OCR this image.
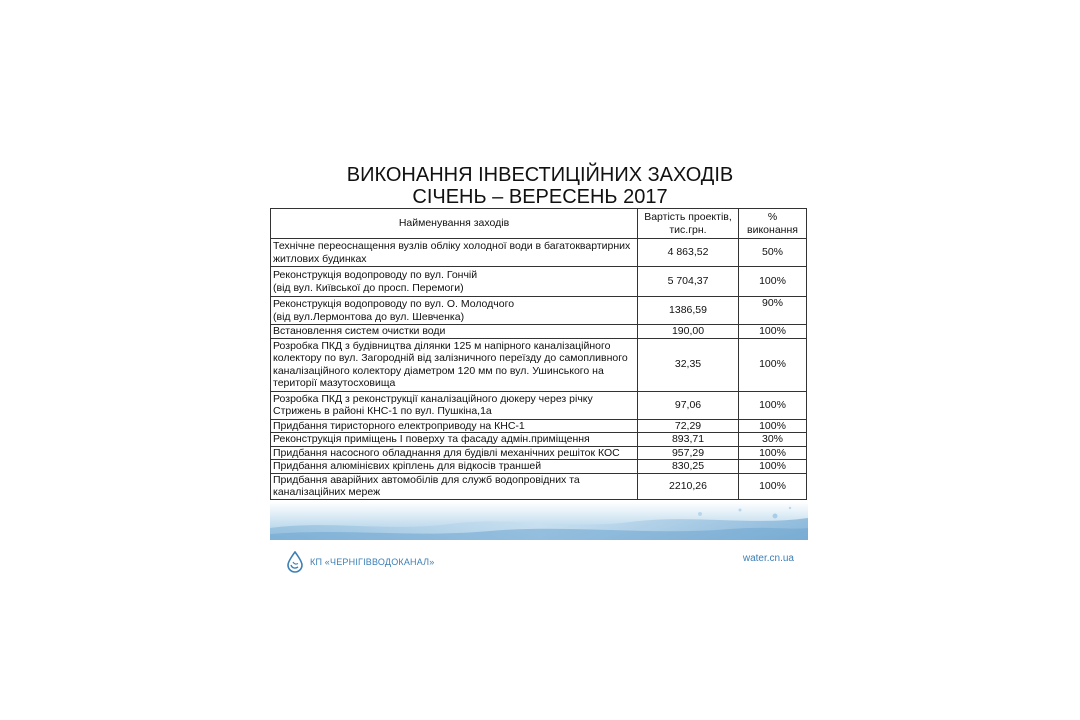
ВИКОНАННЯ ІНВЕСТИЦІЙНИХ ЗАХОДІВ
СІЧЕНЬ – ВЕРЕСЕНЬ 2017
Найменування заходів	Вартість проектів, тис.грн.	% виконання
Технічне переоснащення вузлів обліку холодної води в багатоквартирних житлових будинках	4 863,52	50%
Реконструкція водопроводу по вул. Гончій
(від вул. Київської до просп. Перемоги)	5 704,37	100%
Реконструкція водопроводу по вул. О. Молодчого
(від вул.Лермонтова до вул. Шевченка)	1386,59	90%
Встановлення систем очистки води	190,00	100%
Розробка ПКД з будівництва ділянки 125 м напірного каналізаційного колектору по вул. Загородній від залізничного переїзду до самопливного каналізаційного колектору діаметром 120 мм по вул. Ушинського на території мазутосховища	32,35	100%
Розробка ПКД з реконструкції каналізаційного дюкеру через річку Стрижень в районі КНС-1 по вул. Пушкіна,1а	97,06	100%
Придбання тиристорного електроприводу на КНС-1	72,29	100%
Реконструкція приміщень І поверху та фасаду адмін.приміщення	893,71	30%
Придбання насосного обладнання для будівлі механічних решіток КОС	957,29	100%
Придбання алюмінієвих кріплень для відкосів траншей	830,25	100%
Придбання аварійних автомобілів для служб водопровідних та каналізаційних мереж	2210,26	100%
КП «ЧЕРНІГІВВОДОКАНАЛ»	water.cn.ua
